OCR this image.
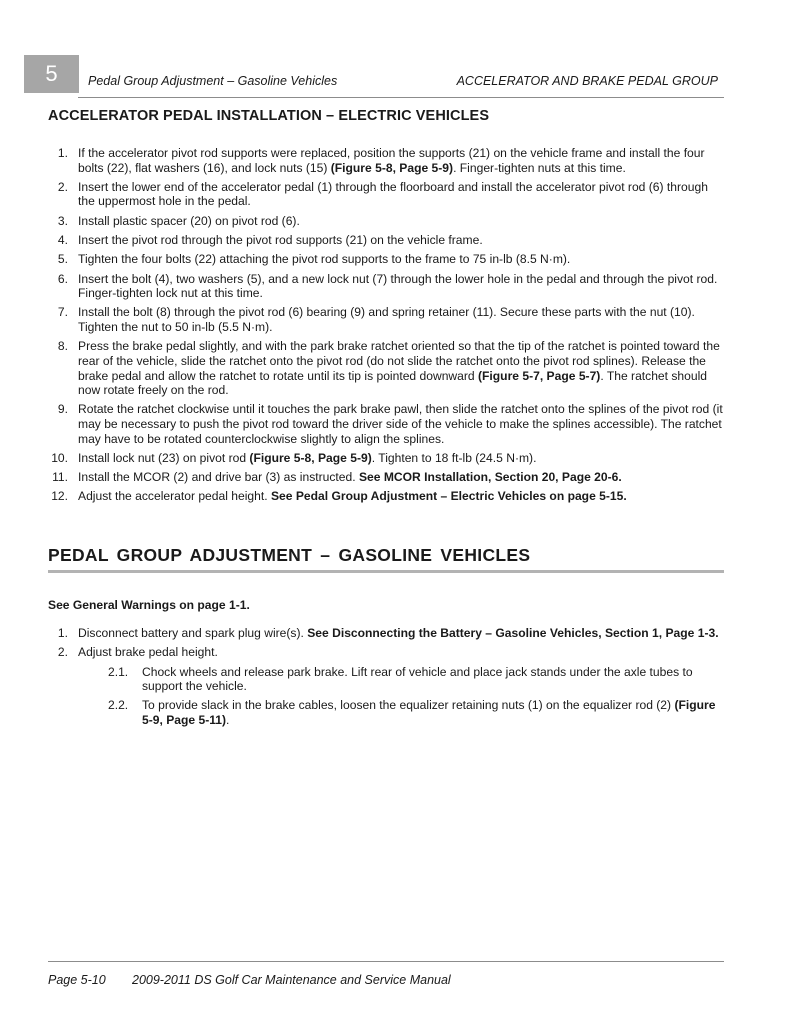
5	Pedal Group Adjustment – Gasoline Vehicles	ACCELERATOR AND BRAKE PEDAL GROUP
ACCELERATOR PEDAL INSTALLATION – ELECTRIC VEHICLES
1. If the accelerator pivot rod supports were replaced, position the supports (21) on the vehicle frame and install the four bolts (22), flat washers (16), and lock nuts (15) (Figure 5-8, Page 5-9). Finger-tighten nuts at this time.
2. Insert the lower end of the accelerator pedal (1) through the floorboard and install the accelerator pivot rod (6) through the uppermost hole in the pedal.
3. Install plastic spacer (20) on pivot rod (6).
4. Insert the pivot rod through the pivot rod supports (21) on the vehicle frame.
5. Tighten the four bolts (22) attaching the pivot rod supports to the frame to 75 in-lb (8.5 N·m).
6. Insert the bolt (4), two washers (5), and a new lock nut (7) through the lower hole in the pedal and through the pivot rod. Finger-tighten lock nut at this time.
7. Install the bolt (8) through the pivot rod (6) bearing (9) and spring retainer (11). Secure these parts with the nut (10). Tighten the nut to 50 in-lb (5.5 N·m).
8. Press the brake pedal slightly, and with the park brake ratchet oriented so that the tip of the ratchet is pointed toward the rear of the vehicle, slide the ratchet onto the pivot rod (do not slide the ratchet onto the pivot rod splines). Release the brake pedal and allow the ratchet to rotate until its tip is pointed downward (Figure 5-7, Page 5-7). The ratchet should now rotate freely on the rod.
9. Rotate the ratchet clockwise until it touches the park brake pawl, then slide the ratchet onto the splines of the pivot rod (it may be necessary to push the pivot rod toward the driver side of the vehicle to make the splines accessible). The ratchet may have to be rotated counterclockwise slightly to align the splines.
10. Install lock nut (23) on pivot rod (Figure 5-8, Page 5-9). Tighten to 18 ft-lb (24.5 N·m).
11. Install the MCOR (2) and drive bar (3) as instructed. See MCOR Installation, Section 20, Page 20-6.
12. Adjust the accelerator pedal height. See Pedal Group Adjustment – Electric Vehicles on page 5-15.
PEDAL GROUP ADJUSTMENT – GASOLINE VEHICLES
See General Warnings on page 1-1.
1. Disconnect battery and spark plug wire(s). See Disconnecting the Battery – Gasoline Vehicles, Section 1, Page 1-3.
2. Adjust brake pedal height.
2.1.	Chock wheels and release park brake. Lift rear of vehicle and place jack stands under the axle tubes to support the vehicle.
2.2.	To provide slack in the brake cables, loosen the equalizer retaining nuts (1) on the equalizer rod (2) (Figure 5-9, Page 5-11).
Page 5-10 2009-2011 DS Golf Car Maintenance and Service Manual
